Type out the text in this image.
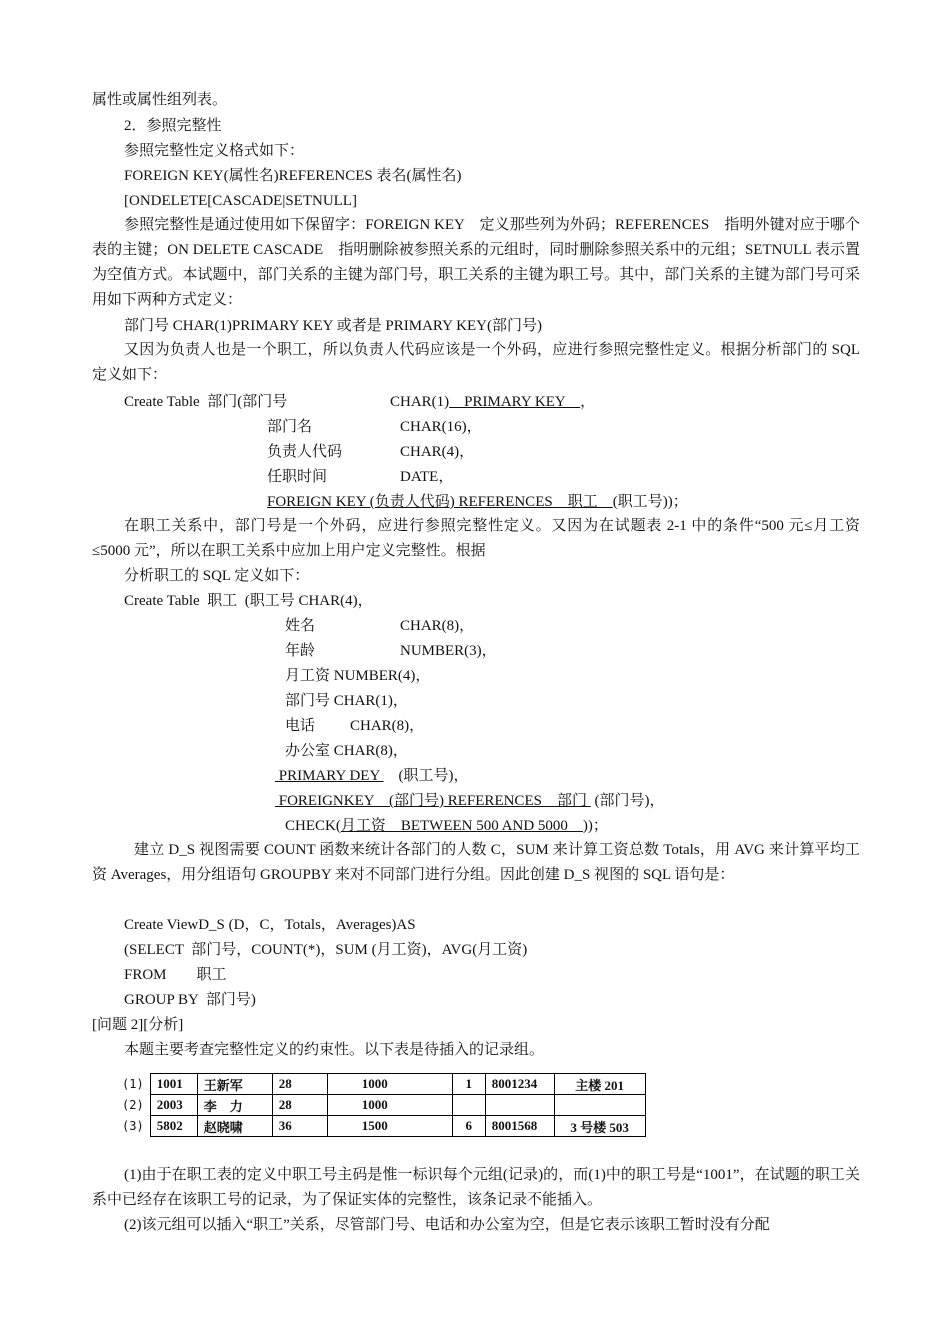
属性或属性组列表。
2．参照完整性
参照完整性定义格式如下：
FOREIGN KEY(属性名)REFERENCES 表名(属性名)
[ONDELETE[CASCADE|SETNULL]
参照完整性是通过使用如下保留字：FOREIGN KEY　定义那些列为外码；REFERENCES　指明外键对应于哪个表的主键；ON DELETE CASCADE　指明删除被参照关系的元组时，同时删除参照关系中的元组；SETNULL 表示置为空值方式。本试题中，部门关系的主键为部门号，职工关系的主键为职工号。其中，部门关系的主键为部门号可采用如下两种方式定义：
部门号 CHAR(1)PRIMARY KEY 或者是 PRIMARY KEY(部门号)
又因为负责人也是一个职工，所以负责人代码应该是一个外码，应进行参照完整性定义。根据分析部门的 SQL 定义如下：
Create Table  部门(部门号	CHAR(1)　PRIMARY KEY　，
部门名	CHAR(16)，
负责人代码	CHAR(4)，
任职时间	DATE，
FOREIGN KEY (负责人代码) REFERENCES　职工　(职工号))；
在职工关系中，部门号是一个外码，应进行参照完整性定义。又因为在试题表 2-1 中的条件“500 元≤月工资≤5000 元”，所以在职工关系中应加上用户定义完整性。根据
分析职工的 SQL 定义如下：
Create Table  职工  (职工号 CHAR(4)，
姓名	CHAR(8)，
年龄	NUMBER(3)，
月工资 NUMBER(4)，
部门号 CHAR(1)，
电话 CHAR(8)，
办公室 CHAR(8)，
PRIMARY DEY 　(职工号)，
FOREIGNKEY　(部门号) REFERENCES　部门  (部门号)，
CHECK(月工资　BETWEEN 500 AND 5000　))；
建立 D_S 视图需要 COUNT 函数来统计各部门的人数 C，SUM 来计算工资总数 Totals，用 AVG 来计算平均工资 Averages，用分组语句 GROUPBY 来对不同部门进行分组。因此创建 D_S 视图的 SQL 语句是：
Create ViewD_S (D，C，Totals，Averages)AS
(SELECT  部门号，COUNT(*)，SUM (月工资)，AVG(月工资)
FROM　　职工
GROUP BY  部门号)
[问题 2][分析]
本题主要考查完整性定义的约束性。以下表是待插入的记录组。
(1)	1001	王新军	28	1000	1	8001234	主楼 201
(2)	2003	李　力	28	1000			
(3)	5802	赵晓啸	36	1500	6	8001568	3 号楼 503
(1)由于在职工表的定义中职工号主码是惟一标识每个元组(记录)的，而(1)中的职工号是“1001”，在试题的职工关系中已经存在该职工号的记录，为了保证实体的完整性，该条记录不能插入。
(2)该元组可以插入“职工”关系，尽管部门号、电话和办公室为空，但是它表示该职工暂时没有分配
